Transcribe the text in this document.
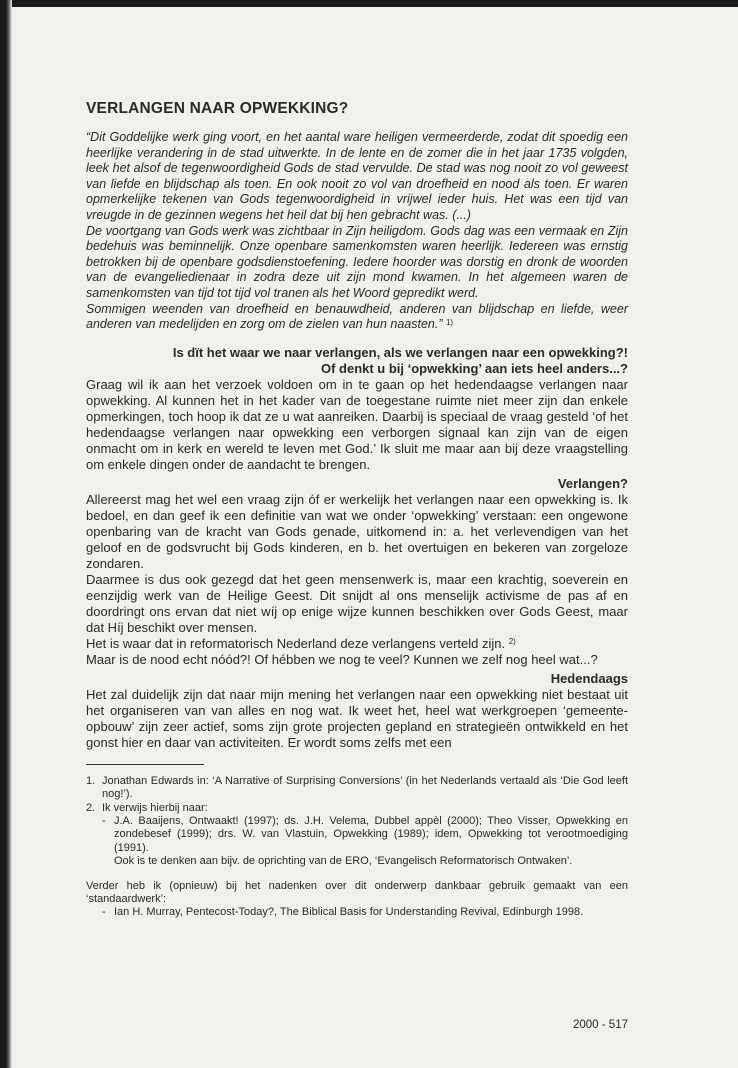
VERLANGEN NAAR OPWEKKING?

“Dit Goddelijke werk ging voort, en het aantal ware heiligen vermeerderde, zodat dit spoedig een heerlijke verandering in de stad uitwerkte. In de lente en de zomer die in het jaar 1735 volgden, leek het alsof de tegenwoordigheid Gods de stad vervulde. De stad was nog nooit zo vol geweest van liefde en blijdschap als toen. En ook nooit zo vol van droefheid en nood als toen. Er waren opmerkelijke tekenen van Gods tegenwoordigheid in vrijwel ieder huis. Het was een tijd van vreugde in de gezinnen wegens het heil dat bij hen gebracht was. (...)

De voortgang van Gods werk was zichtbaar in Zijn heiligdom. Gods dag was een vermaak en Zijn bedehuis was beminnelijk. Onze openbare samenkomsten waren heerlijk. Iedereen was ernstig betrokken bij de openbare godsdienstoefening. Iedere hoorder was dorstig en dronk de woorden van de evangeliedienaar in zodra deze uit zijn mond kwamen. In het algemeen waren de samenkomsten van tijd tot tijd vol tranen als het Woord gepredikt werd.

Sommigen weenden van droefheid en benauwdheid, anderen van blijdschap en liefde, weer anderen van medelijden en zorg om de zielen van hun naasten.” $^{1)}$

Is dït het waar we naar verlangen, als we verlangen naar een opwekking?!
Of denkt u bij ‘opwekking’ aan iets heel anders...?

Graag wil ik aan het verzoek voldoen om in te gaan op het hedendaagse verlangen naar opwekking. Al kunnen het in het kader van de toegestane ruimte niet meer zijn dan enkele opmerkingen, toch hoop ik dat ze u wat aanreiken. Daarbij is speciaal de vraag gesteld ‘of het hedendaagse verlangen naar opwekking een verborgen signaal kan zijn van de eigen onmacht om in kerk en wereld te leven met God.’ Ik sluit me maar aan bij deze vraagstelling om enkele dingen onder de aandacht te brengen.

Verlangen?

Allereerst mag het wel een vraag zijn óf er werkelijk het verlangen naar een opwekking is. Ik bedoel, en dan geef ik een definitie van wat we onder ‘opwekking’ verstaan: een ongewone openbaring van de kracht van Gods genade, uitkomend in: a. het verlevendigen van het geloof en de godsvrucht bij Gods kinderen, en b. het overtuigen en bekeren van zorgeloze zondaren.

Daarmee is dus ook gezegd dat het geen mensenwerk is, maar een krachtig, soeverein en eenzijdig werk van de Heilige Geest. Dit snijdt al ons menselijk activisme de pas af en doordringt ons ervan dat niet wíj op enige wijze kunnen beschikken over Gods Geest, maar dat Híj beschikt over mensen.

Het is waar dat in reformatorisch Nederland deze verlangens verteld zijn. $^{2)}$

Maar is de nood echt nóód?! Of hébben we nog te veel? Kunnen we zelf nog heel wat...?

Hedendaags

Het zal duidelijk zijn dat naar mijn mening het verlangen naar een opwekking niet bestaat uit het organiseren van van alles en nog wat. Ik weet het, heel wat werkgroepen ‘gemeente-opbouw’ zijn zeer actief, soms zijn grote projecten gepland en strategieën ontwikkeld en het gonst hier en daar van activiteiten. Er wordt soms zelfs met een

1. Jonathan Edwards in: ‘A Narrative of Surprising Conversions’ (in het Nederlands vertaald als ‘Die God leeft nog!’).
2. Ik verwijs hierbij naar:
- J.A. Baaijens, Ontwaakt! (1997); ds. J.H. Velema, Dubbel appèl (2000); Theo Visser, Opwekking en zondebesef (1999); drs. W. van Vlastuin, Opwekking (1989); idem, Opwekking tot verootmoediging (1991).

Ook is te denken aan bijv. de oprichting van de ERO, ‘Evangelisch Reformatorisch Ontwaken’.

Verder heb ik (opnieuw) bij het nadenken over dit onderwerp dankbaar gebruik gemaakt van een ‘standaardwerk’:

- Ian H. Murray, Pentecost-Today?, The Biblical Basis for Understanding Revival, Edinburgh 1998.
2000 - 517
